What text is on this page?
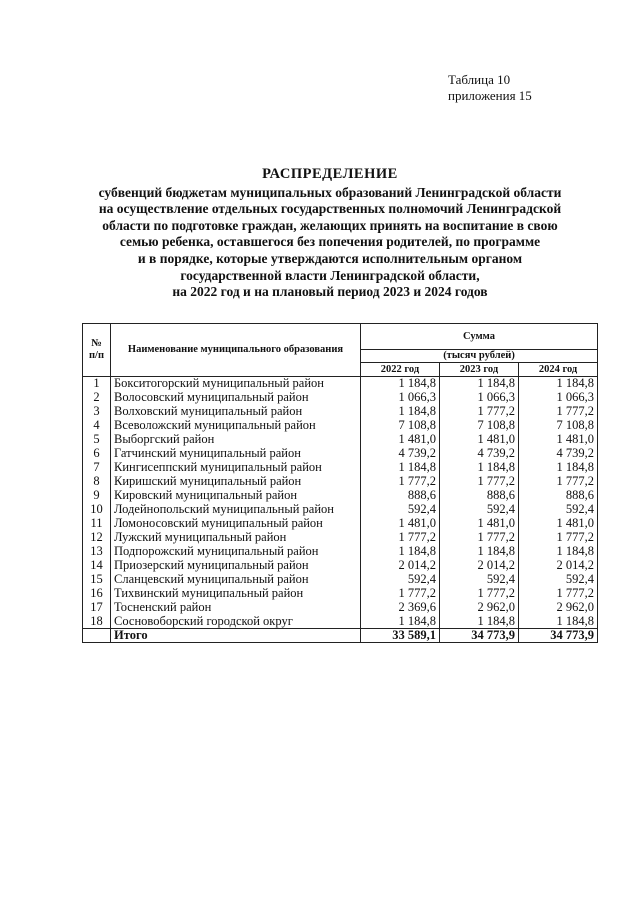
Таблица 10
приложения 15
РАСПРЕДЕЛЕНИЕ
субвенций бюджетам муниципальных образований Ленинградской области
на осуществление отдельных государственных полномочий Ленинградской
области по подготовке граждан, желающих принять на воспитание в свою
семью ребенка, оставшегося без попечения родителей, по программе
и в порядке, которые утверждаются исполнительным органом
государственной власти Ленинградской области,
на 2022 год и на плановый период 2023 и 2024 годов
№ п/п	Наименование муниципального образования	Сумма		

		(тысяч рублей)		
		2022 год	2023 год	2024 год
1	Бокситогорский муниципальный район	1 184,8	1 184,8	1 184,8
2	Волосовский муниципальный район	1 066,3	1 066,3	1 066,3
3	Волховский муниципальный район	1 184,8	1 777,2	1 777,2
4	Всеволожский муниципальный район	7 108,8	7 108,8	7 108,8
5	Выборгский район	1 481,0	1 481,0	1 481,0
6	Гатчинский муниципальный район	4 739,2	4 739,2	4 739,2
7	Кингисеппский муниципальный район	1 184,8	1 184,8	1 184,8
8	Киришский муниципальный район	1 777,2	1 777,2	1 777,2
9	Кировский муниципальный район	888,6	888,6	888,6
10	Лодейнопольский муниципальный район	592,4	592,4	592,4
11	Ломоносовский муниципальный район	1 481,0	1 481,0	1 481,0
12	Лужский муниципальный район	1 777,2	1 777,2	1 777,2
13	Подпорожский муниципальный район	1 184,8	1 184,8	1 184,8
14	Приозерский муниципальный район	2 014,2	2 014,2	2 014,2
15	Сланцевский муниципальный район	592,4	592,4	592,4
16	Тихвинский муниципальный район	1 777,2	1 777,2	1 777,2
17	Тосненский район	2 369,6	2 962,0	2 962,0
18	Сосновоборский городской округ	1 184,8	1 184,8	1 184,8
	Итого	33 589,1	34 773,9	34 773,9
